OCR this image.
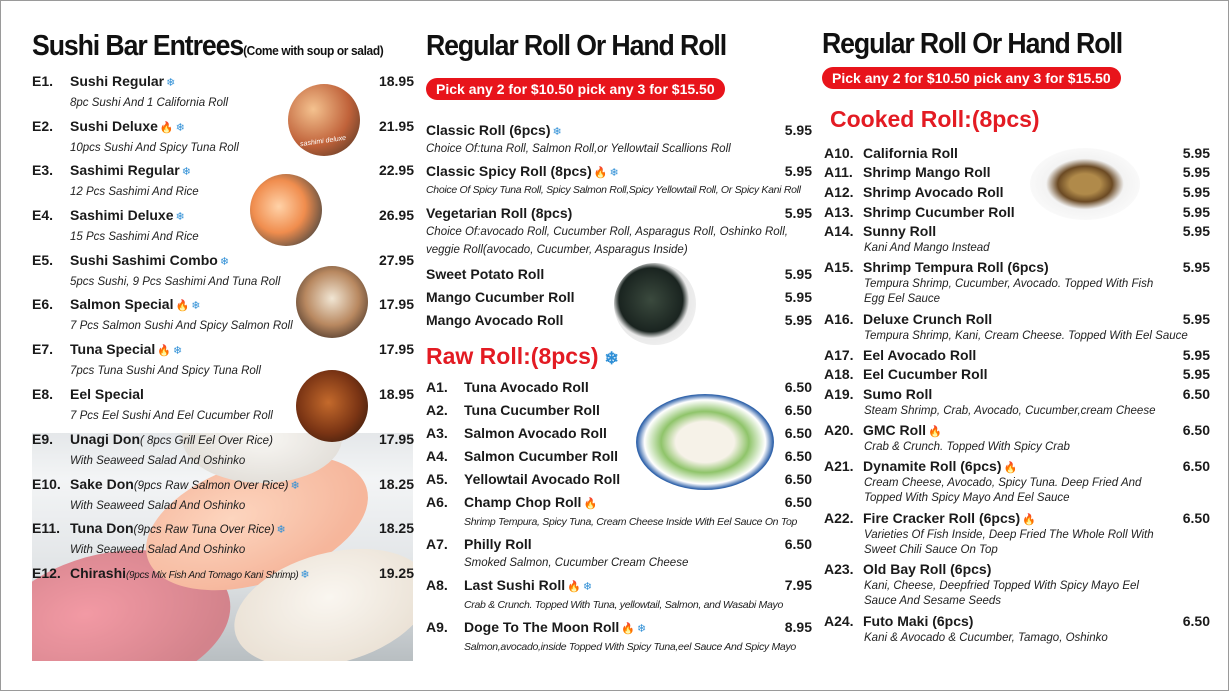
Sushi Bar Entrees(Come with soup or salad)
E1.	Sushi Regular ❄	18.95
8pc Sushi And 1 California Roll
E2.	Sushi Deluxe 🔥 ❄	21.95
10pcs Sushi And Spicy Tuna Roll
E3.	Sashimi Regular ❄	22.95
12 Pcs Sashimi And Rice
E4.	Sashimi Deluxe ❄	26.95
15 Pcs Sashimi And Rice
E5.	Sushi Sashimi Combo ❄	27.95
5pcs Sushi, 9 Pcs Sashimi And Tuna Roll
E6.	Salmon Special 🔥 ❄	17.95
7 Pcs Salmon Sushi And Spicy Salmon Roll
E7.	Tuna Special 🔥 ❄	17.95
7pcs Tuna Sushi And Spicy Tuna Roll
E8.	Eel Special	18.95
7 Pcs Eel Sushi And Eel Cucumber Roll
E9.	Unagi Don( 8pcs Grill Eel Over Rice)	17.95
With Seaweed Salad And Oshinko
E10. Sake Don(9pcs Raw Salmon Over Rice) ❄	18.25
With Seaweed Salad And Oshinko
E11. Tuna Don(9pcs Raw Tuna Over Rice) ❄	18.25
With Seaweed Salad And Oshinko
E12. Chirashi(9pcs Mix Fish And Tomago Kani Shrimp) ❄	19.25
sashimi deluxe
Regular Roll Or Hand Roll
Pick any 2 for $10.50 pick any 3 for $15.50
Classic Roll (6pcs) ❄	5.95
Choice Of:tuna Roll, Salmon Roll,or Yellowtail Scallions Roll
Classic Spicy Roll (8pcs) 🔥 ❄	5.95
Choice Of Spicy Tuna Roll, Spicy Salmon Roll,Spicy Yellowtail Roll, Or Spicy Kani Roll
Vegetarian Roll (8pcs)	5.95
Choice Of:avocado Roll, Cucumber Roll, Asparagus Roll, Oshinko Roll,
veggie Roll(avocado, Cucumber, Asparagus Inside)
Sweet Potato Roll	5.95
Mango Cucumber Roll	5.95
Mango Avocado Roll	5.95
Raw Roll:(8pcs) ❄
A1.	Tuna Avocado Roll	6.50
A2.	Tuna Cucumber Roll	6.50
A3.	Salmon Avocado Roll	6.50
A4.	Salmon Cucumber Roll	6.50
A5.	Yellowtail Avocado Roll	6.50
A6.	Champ Chop Roll 🔥	6.50
Shrimp Tempura, Spicy Tuna, Cream Cheese Inside With Eel Sauce On Top
A7.	Philly Roll	6.50
Smoked Salmon, Cucumber Cream Cheese
A8.	Last Sushi Roll 🔥 ❄	7.95
Crab & Crunch. Topped With Tuna, yellowtail, Salmon, and Wasabi Mayo
A9.	Doge To The Moon Roll 🔥 ❄	8.95
Salmon,avocado,inside Topped With Spicy Tuna,eel Sauce And Spicy Mayo
Regular Roll Or Hand Roll
Pick any 2 for $10.50 pick any 3 for $15.50
Cooked Roll:(8pcs)
A10. California Roll	5.95
A11. Shrimp Mango Roll	5.95
A12. Shrimp Avocado Roll	5.95
A13. Shrimp Cucumber Roll	5.95
A14. Sunny Roll	5.95
Kani And Mango Instead
A15. Shrimp Tempura Roll (6pcs)	5.95
Tempura Shrimp, Cucumber, Avocado. Topped With Fish
Egg Eel Sauce
A16. Deluxe Crunch Roll	5.95
Tempura Shrimp, Kani, Cream Cheese. Topped With Eel Sauce
A17. Eel Avocado Roll	5.95
A18. Eel Cucumber Roll	5.95
A19. Sumo Roll	6.50
Steam Shrimp, Crab, Avocado, Cucumber,cream Cheese
A20. GMC Roll 🔥	6.50
Crab & Crunch. Topped With Spicy Crab
A21. Dynamite Roll (6pcs) 🔥	6.50
Cream Cheese, Avocado, Spicy Tuna. Deep Fried And
Topped With Spicy Mayo And Eel Sauce
A22. Fire Cracker Roll (6pcs) 🔥	6.50
Varieties Of Fish Inside, Deep Fried The Whole Roll With
Sweet Chili Sauce On Top
A23. Old Bay Roll (6pcs)
Kani, Cheese, Deepfried Topped With Spicy Mayo Eel
Sauce And Sesame Seeds
A24. Futo Maki (6pcs)	6.50
Kani & Avocado & Cucumber, Tamago, Oshinko
